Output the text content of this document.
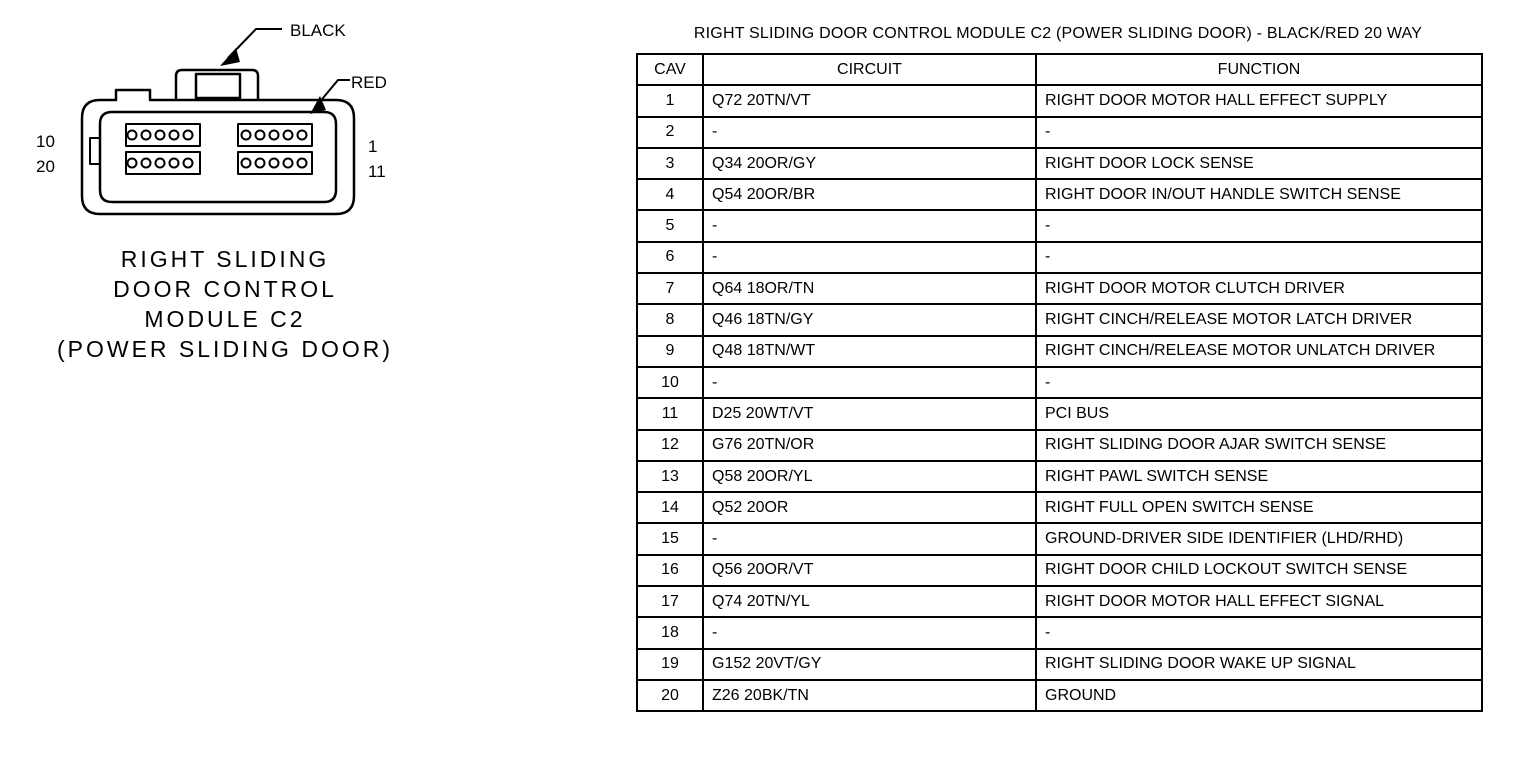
BLACK
RED
10
20
1
11
RIGHT SLIDING
DOOR CONTROL
MODULE C2
(POWER SLIDING DOOR)
RIGHT SLIDING DOOR CONTROL MODULE C2 (POWER SLIDING DOOR) - BLACK/RED 20 WAY
CAV	CIRCUIT	FUNCTION
1	Q72 20TN/VT	RIGHT DOOR MOTOR HALL EFFECT SUPPLY
2	-	-
3	Q34 20OR/GY	RIGHT DOOR LOCK SENSE
4	Q54 20OR/BR	RIGHT DOOR IN/OUT HANDLE SWITCH SENSE
5	-	-
6	-	-
7	Q64 18OR/TN	RIGHT DOOR MOTOR CLUTCH DRIVER
8	Q46 18TN/GY	RIGHT CINCH/RELEASE MOTOR LATCH DRIVER
9	Q48 18TN/WT	RIGHT CINCH/RELEASE MOTOR UNLATCH DRIVER
10	-	-
11	D25 20WT/VT	PCI BUS
12	G76 20TN/OR	RIGHT SLIDING DOOR AJAR SWITCH SENSE
13	Q58 20OR/YL	RIGHT PAWL SWITCH SENSE
14	Q52 20OR	RIGHT FULL OPEN SWITCH SENSE
15	-	GROUND-DRIVER SIDE IDENTIFIER (LHD/RHD)
16	Q56 20OR/VT	RIGHT DOOR CHILD LOCKOUT SWITCH SENSE
17	Q74 20TN/YL	RIGHT DOOR MOTOR HALL EFFECT SIGNAL
18	-	-
19	G152 20VT/GY	RIGHT SLIDING DOOR WAKE UP SIGNAL
20	Z26 20BK/TN	GROUND
